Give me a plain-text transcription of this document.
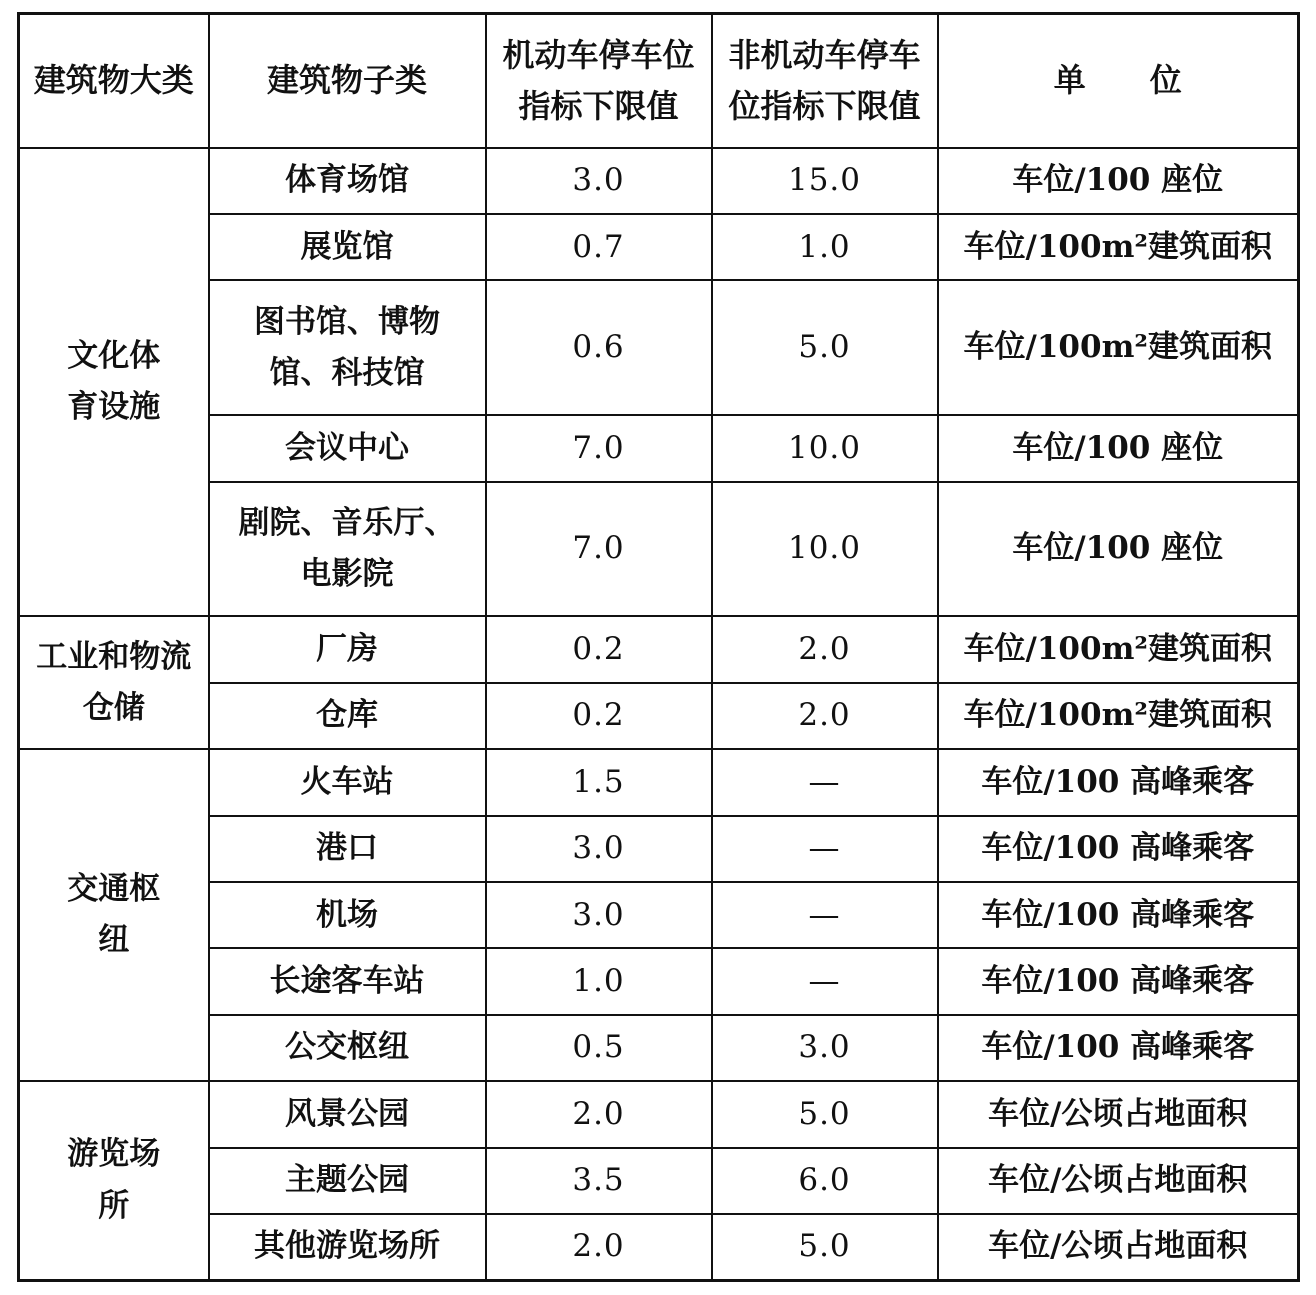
建筑物大类	建筑物子类	机动车停车位指标下限值	非机动车停车位指标下限值	单　　位
文化体育设施	体育场馆	3.0	15.0	车位/100 座位
	展览馆	0.7	1.0	车位/100m²建筑面积
	图书馆、博物馆、科技馆	0.6	5.0	车位/100m²建筑面积
	会议中心	7.0	10.0	车位/100 座位
	剧院、音乐厅、电影院	7.0	10.0	车位/100 座位
工业和物流仓储	厂房	0.2	2.0	车位/100m²建筑面积
	仓库	0.2	2.0	车位/100m²建筑面积
交通枢纽	火车站	1.5	—	车位/100 高峰乘客
	港口	3.0	—	车位/100 高峰乘客
	机场	3.0	—	车位/100 高峰乘客
	长途客车站	1.0	—	车位/100 高峰乘客
	公交枢纽	0.5	3.0	车位/100 高峰乘客
游览场所	风景公园	2.0	5.0	车位/公顷占地面积
	主题公园	3.5	6.0	车位/公顷占地面积
	其他游览场所	2.0	5.0	车位/公顷占地面积
